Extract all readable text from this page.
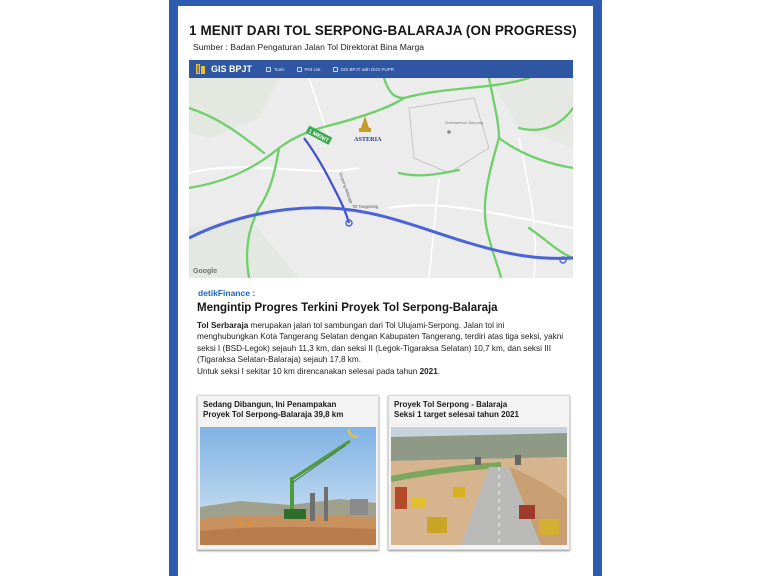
1 MENIT DARI TOL SERPONG-BALARAJA (ON PROGRESS)
Sumber : Badan Pengaturan Jalan Tol Direktorat Bina Marga
GIS BPJT	Tools	POI List	GIS BPJT with DIGI PUPR
1 MENIT	ASTERIA
Serpong-Balaraja
Tol Tangerang
Summarecon Serpong
Google
detikFinance :
Mengintip Progres Terkini Proyek Tol Serpong-Balaraja
Tol Serbaraja merupakan jalan tol sambungan dari Tol Ulujami-Serpong. Jalan tol ini menghubungkan Kota Tangerang Selatan dengan Kabupaten Tangerang, terdiri atas tiga seksi, yakni seksi I (BSD-Legok) sejauh 11,3 km, dan seksi II (Legok-Tigaraksa Selatan) 10,7 km, dan seksi III (Tigaraksa Selatan-Balaraja) sejauh 17,8 km.
Untuk seksi I sekitar 10 km direncanakan selesai pada tahun 2021.
Sedang Dibangun, Ini Penampakan
Proyek Tol Serpong-Balaraja 39,8 km
Proyek Tol Serpong - Balaraja
Seksi 1 target selesai tahun 2021
